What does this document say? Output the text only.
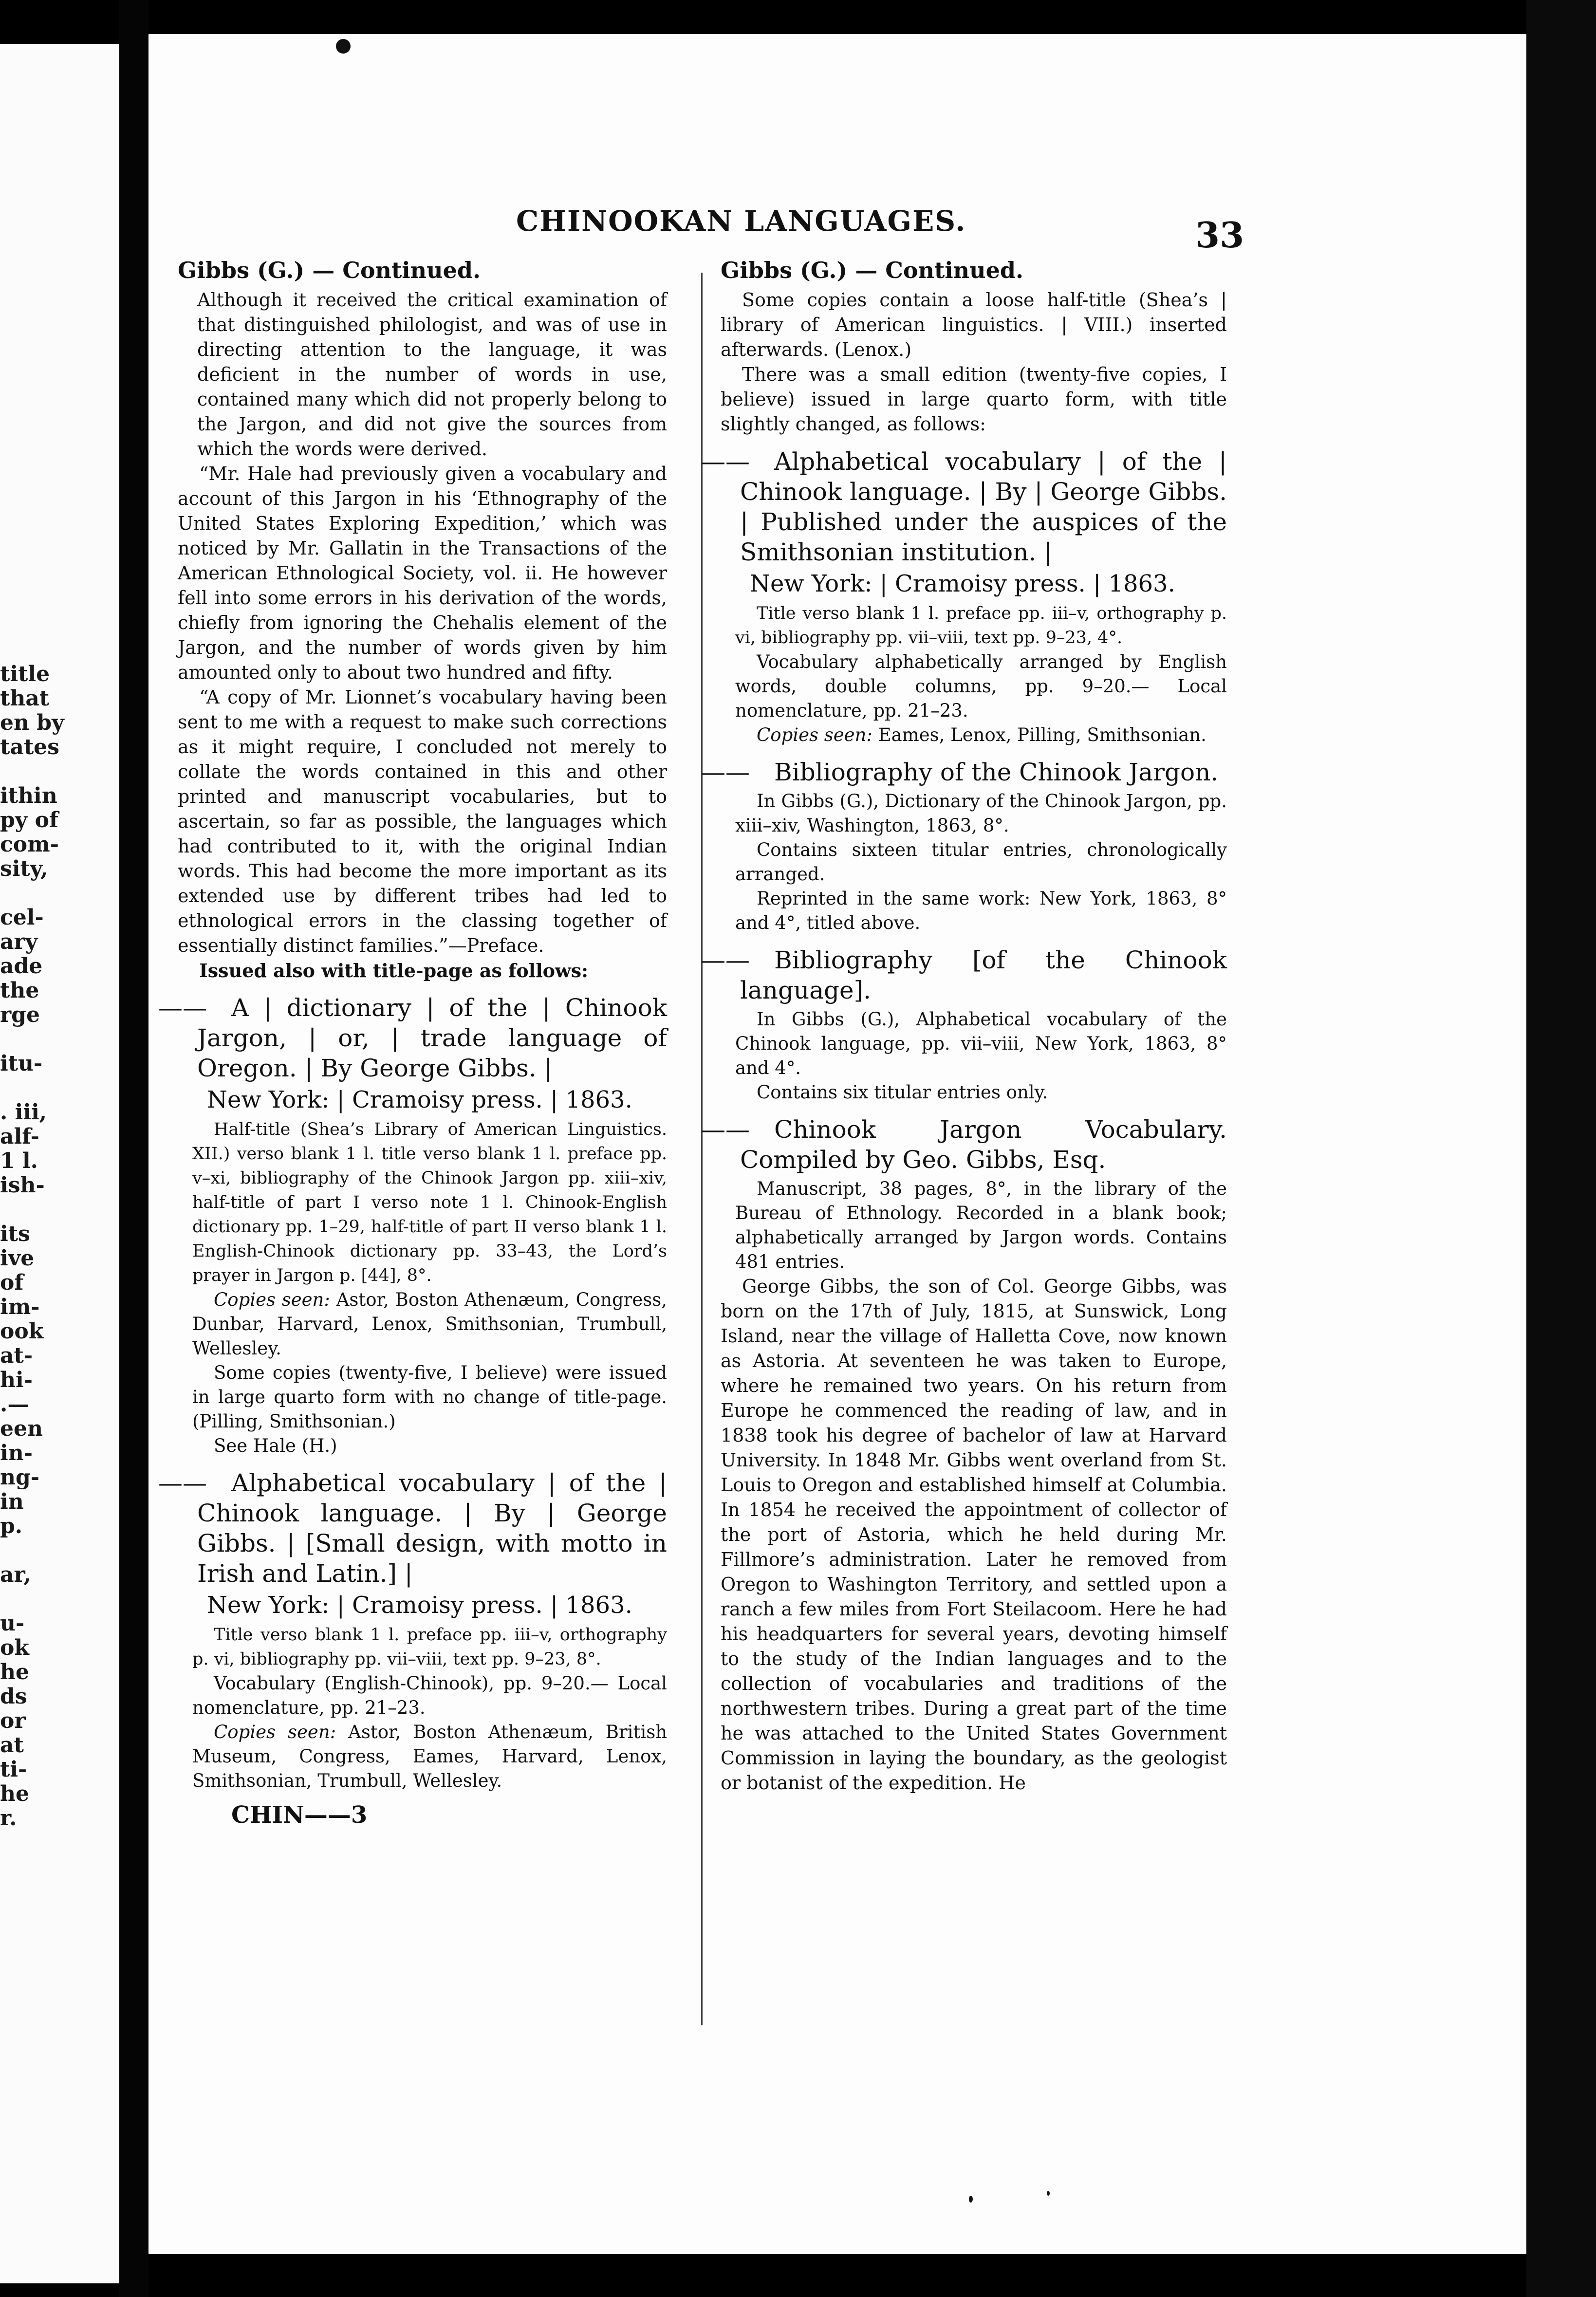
title
that
en by
tates
ithin
py of
com-
sity,
cel-
ary
ade
the
rge
itu-
. iii,
alf-
1 l.
ish-
its
ive
of
im-
ook
at-
hi-
.—
een
in-
ng-
in
p.
ar,
u-
ok
he
ds
or
at
ti-
he
r.
CHINOOKAN LANGUAGES.	33
Gibbs (G.) — Continued.

Although it received the critical examination of that distinguished philologist, and was of use in directing attention to the language, it was deficient in the number of words in use, contained many which did not properly belong to the Jargon, and did not give the sources from which the words were derived.

“Mr. Hale had previously given a vocabulary and account of this Jargon in his ‘Ethnography of the United States Exploring Expedition,’ which was noticed by Mr. Gallatin in the Transactions of the American Ethnological Society, vol. ii. He however fell into some errors in his derivation of the words, chiefly from ignoring the Chehalis element of the Jargon, and the number of words given by him amounted only to about two hundred and fifty.

“A copy of Mr. Lionnet’s vocabulary having been sent to me with a request to make such corrections as it might require, I concluded not merely to collate the words contained in this and other printed and manuscript vocabularies, but to ascertain, so far as possible, the languages which had contributed to it, with the original Indian words. This had become the more important as its extended use by different tribes had led to ethnological errors in the classing together of essentially distinct families.”—Preface.

Issued also with title-page as follows:

—— A | dictionary | of the | Chinook Jargon, | or, | trade language of Oregon. | By George Gibbs. |
New York: | Cramoisy press. | 1863.

Half-title (Shea’s Library of American Linguistics. XII.) verso blank 1 l. title verso blank 1 l. preface pp. v–xi, bibliography of the Chinook Jargon pp. xiii–xiv, half-title of part I verso note 1 l. Chinook-English dictionary pp. 1–29, half-title of part II verso blank 1 l. English-Chinook dictionary pp. 33–43, the Lord’s prayer in Jargon p. [44], 8°.

Copies seen: Astor, Boston Athenæum, Congress, Dunbar, Harvard, Lenox, Smithsonian, Trumbull, Wellesley.

Some copies (twenty-five, I believe) were issued in large quarto form with no change of title-page. (Pilling, Smithsonian.)

See Hale (H.)

—— Alphabetical vocabulary | of the | Chinook language. | By | George Gibbs. | [Small design, with motto in Irish and Latin.] |
New York: | Cramoisy press. | 1863.

Title verso blank 1 l. preface pp. iii–v, orthography p. vi, bibliography pp. vii–viii, text pp. 9–23, 8°.

Vocabulary (English-Chinook), pp. 9–20.— Local nomenclature, pp. 21–23.

Copies seen: Astor, Boston Athenæum, British Museum, Congress, Eames, Harvard, Lenox, Smithsonian, Trumbull, Wellesley.

CHIN——3
Gibbs (G.) — Continued.

Some copies contain a loose half-title (Shea’s | library of American linguistics. | VIII.) inserted afterwards. (Lenox.)

There was a small edition (twenty-five copies, I believe) issued in large quarto form, with title slightly changed, as follows:

—— Alphabetical vocabulary | of the | Chinook language. | By | George Gibbs. | Published under the auspices of the Smithsonian institution. |
New York: | Cramoisy press. | 1863.

Title verso blank 1 l. preface pp. iii–v, orthography p. vi, bibliography pp. vii–viii, text pp. 9–23, 4°.

Vocabulary alphabetically arranged by English words, double columns, pp. 9–20.— Local nomenclature, pp. 21–23.

Copies seen: Eames, Lenox, Pilling, Smithsonian.

—— Bibliography of the Chinook Jargon.

In Gibbs (G.), Dictionary of the Chinook Jargon, pp. xiii–xiv, Washington, 1863, 8°.

Contains sixteen titular entries, chronologically arranged.

Reprinted in the same work: New York, 1863, 8° and 4°, titled above.

—— Bibliography [of the Chinook language].

In Gibbs (G.), Alphabetical vocabulary of the Chinook language, pp. vii–viii, New York, 1863, 8° and 4°.

Contains six titular entries only.

—— Chinook Jargon Vocabulary. Compiled by Geo. Gibbs, Esq.

Manuscript, 38 pages, 8°, in the library of the Bureau of Ethnology. Recorded in a blank book; alphabetically arranged by Jargon words. Contains 481 entries.

George Gibbs, the son of Col. George Gibbs, was born on the 17th of July, 1815, at Sunswick, Long Island, near the village of Halletta Cove, now known as Astoria. At seventeen he was taken to Europe, where he remained two years. On his return from Europe he commenced the reading of law, and in 1838 took his degree of bachelor of law at Harvard University. In 1848 Mr. Gibbs went overland from St. Louis to Oregon and established himself at Columbia. In 1854 he received the appointment of collector of the port of Astoria, which he held during Mr. Fillmore’s administration. Later he removed from Oregon to Washington Territory, and settled upon a ranch a few miles from Fort Steilacoom. Here he had his headquarters for several years, devoting himself to the study of the Indian languages and to the collection of vocabularies and traditions of the northwestern tribes. During a great part of the time he was attached to the United States Government Commission in laying the boundary, as the geologist or botanist of the expedition. He
